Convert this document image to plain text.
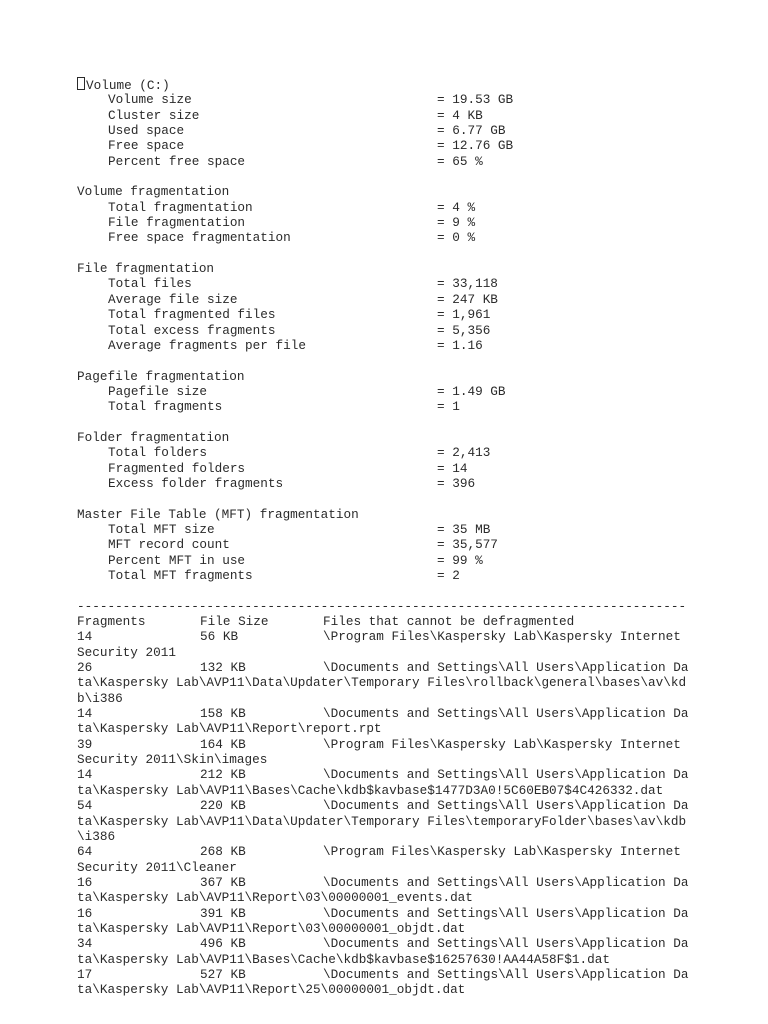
Volume (C:)
Volume size	= 19.53 GB
Cluster size	= 4 KB
Used space	= 6.77 GB
Free space	= 12.76 GB
Percent free space	= 65 %
Volume fragmentation
Total fragmentation	= 4 %
File fragmentation	= 9 %
Free space fragmentation	= 0 %
File fragmentation
Total files	= 33,118
Average file size	= 247 KB
Total fragmented files	= 1,961
Total excess fragments	= 5,356
Average fragments per file	= 1.16
Pagefile fragmentation
Pagefile size	= 1.49 GB
Total fragments	= 1
Folder fragmentation
Total folders	= 2,413
Fragmented folders	= 14
Excess folder fragments	= 396
Master File Table (MFT) fragmentation
Total MFT size	= 35 MB
MFT record count	= 35,577
Percent MFT in use	= 99 %
Total MFT fragments	= 2
--------------------------------------------------------------------------------
Fragments	File Size	Files that cannot be defragmented
14	56 KB	\Program Files\Kaspersky Lab\Kaspersky Internet
Security 2011
26	132 KB	\Documents and Settings\All Users\Application Da
ta\Kaspersky Lab\AVP11\Data\Updater\Temporary Files\rollback\general\bases\av\kd
b\i386
14	158 KB	\Documents and Settings\All Users\Application Da
ta\Kaspersky Lab\AVP11\Report\report.rpt
39	164 KB	\Program Files\Kaspersky Lab\Kaspersky Internet
Security 2011\Skin\images
14	212 KB	\Documents and Settings\All Users\Application Da
ta\Kaspersky Lab\AVP11\Bases\Cache\kdb$kavbase$1477D3A0!5C60EB07$4C426332.dat
54	220 KB	\Documents and Settings\All Users\Application Da
ta\Kaspersky Lab\AVP11\Data\Updater\Temporary Files\temporaryFolder\bases\av\kdb
\i386
64	268 KB	\Program Files\Kaspersky Lab\Kaspersky Internet
Security 2011\Cleaner
16	367 KB	\Documents and Settings\All Users\Application Da
ta\Kaspersky Lab\AVP11\Report\03\00000001_events.dat
16	391 KB	\Documents and Settings\All Users\Application Da
ta\Kaspersky Lab\AVP11\Report\03\00000001_objdt.dat
34	496 KB	\Documents and Settings\All Users\Application Da
ta\Kaspersky Lab\AVP11\Bases\Cache\kdb$kavbase$16257630!AA44A58F$1.dat
17	527 KB	\Documents and Settings\All Users\Application Da
ta\Kaspersky Lab\AVP11\Report\25\00000001_objdt.dat
